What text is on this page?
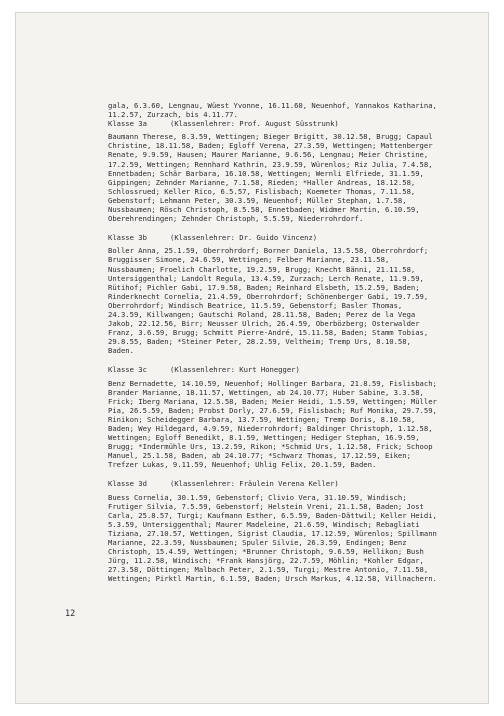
gala, 6.3.60, Lengnau, Wüest Yvonne, 16.11.60, Neuenhof, Yannakos Katharina, 11.2.57, Zurzach, bis 4.11.77.

Klasse 3a	(Klassenlehrer: Prof. August Süsstrunk)

Baumann Therese, 8.3.59, Wettingen; Bieger Brigitt, 30.12.58, Brugg; Capaul Christine, 18.11.58, Baden; Egloff Verena, 27.3.59, Wettingen; Mattenberger Renate, 9.9.59, Hausen; Maurer Marianne, 9.6.56, Lengnau; Meier Christine, 17.2.59, Wettingen; Rennhard Kathrin, 23.9.59, Würenlos; Riz Julia, 7.4.58, Ennetbaden; Schär Barbara, 16.10.58, Wettingen; Wernli Elfriede, 31.1.59, Gippingen; Zehnder Marianne, 7.1.58, Rieden; *Haller Andreas, 18.12.58, Schlossrued; Keller Rico, 6.5.57, Fislisbach; Koemeter Thomas, 7.11.58, Gebenstorf; Lehmann Peter, 30.3.59, Neuenhof; Müller Stephan, 1.7.58, Nussbaumen; Rösch Christoph, 8.5.58, Ennetbaden; Widmer Martin, 6.10.59, Oberehrendingen; Zehnder Christoph, 5.5.59, Niederrohrdorf.

Klasse 3b	(Klassenlehrer: Dr. Guido Vincenz)

Boller Anna, 25.1.59, Oberrohrdorf; Borner Daniela, 13.5.58, Oberrohrdorf; Bruggisser Simone, 24.6.59, Wettingen; Felber Marianne, 23.11.58, Nussbaumen; Froelich Charlotte, 19.2.59, Brugg; Knecht Bänni, 21.11.58, Untersiggenthal; Landolt Regula, 13.4.59, Zurzach; Lerch Renate, 11.9.59, Rütihof; Pichler Gabi, 17.9.58, Baden; Reinhard Elsbeth, 15.2.59, Baden; Rinderknecht Cornelia, 21.4.59, Oberrohrdorf; Schönenberger Gabi, 19.7.59, Oberrohrdorf; Windisch Beatrice, 11.5.59, Gebenstorf; Basler Thomas, 24.3.59, Killwangen; Gautschi Roland, 28.11.58, Baden; Perez de la Vega Jakob, 22.12.56, Birr; Neusser Ulrich, 26.4.59, Oberbözberg; Osterwalder Franz, 3.6.59, Brugg; Schmitt Pierre-André, 15.11.58, Baden; Stamm Tobias, 29.8.55, Baden; *Steiner Peter, 28.2.59, Veltheim; Tremp Urs, 8.10.58, Baden.

Klasse 3c	(Klassenlehrer: Kurt Honegger)

Benz Bernadette, 14.10.59, Neuenhof; Hollinger Barbara, 21.8.59, Fislisbach; Brander Marianne, 18.11.57, Wettingen, ab 24.10.77; Huber Sabine, 3.3.58, Frick; Iberg Mariana, 12.5.58, Baden; Meier Heidi, 1.5.59, Wettingen; Müller Pia, 26.5.59, Baden; Probst Dorly, 27.6.59, Fislisbach; Ruf Monika, 29.7.59, Rinikon; Scheidegger Barbara, 13.7.59, Wettingen; Tremp Doris, 8.10.58, Baden; Wey Hildegard, 4.9.59, Niederrohrdorf; Baldinger Christoph, 1.12.58, Wettingen; Egloff Benedikt, 8.1.59, Wettingen; Hediger Stephan, 16.9.59, Brugg; *Indermühle Urs, 13.2.59, Rikon; *Schmid Urs, 1.12.58, Frick; Schoop Manuel, 25.1.58, Baden, ab 24.10.77; *Schwarz Thomas, 17.12.59, Eiken; Trefzer Lukas, 9.11.59, Neuenhof; Uhlig Felix, 20.1.59, Baden.

Klasse 3d	(Klassenlehrer: Fräulein Verena Keller)

Buess Cornelia, 30.1.59, Gebenstorf; Clivio Vera, 31.10.59, Windisch; Frutiger Silvia, 7.5.59, Gebenstorf; Helstein Vreni, 21.1.58, Baden; Jost Carla, 25.8.57, Turgi; Kaufmann Esther, 6.5.59, Baden-Dättwil; Keller Heidi, 5.3.59, Untersiggenthal; Maurer Madeleine, 21.6.59, Windisch; Rebagliati Tiziana, 27.10.57, Wettingen, Sigrist Claudia, 17.12.59, Würenlos; Spillmann Marianne, 22.3.59, Nussbaumen; Spuler Silvie, 26.3.59, Endingen; Benz Christoph, 15.4.59, Wettingen; *Brunner Christoph, 9.6.59, Hellikon; Bush Jürg, 11.2.58, Windisch; *Frank Hansjörg, 22.7.59, Möhlin; *Kohler Edgar, 27.3.58, Döttingen; Malbach Peter, 2.1.59, Turgi; Mestre Antonio, 7.11.58, Wettingen; Pirktl Martin, 6.1.59, Baden; Ursch Markus, 4.12.58, Villnachern.

12
